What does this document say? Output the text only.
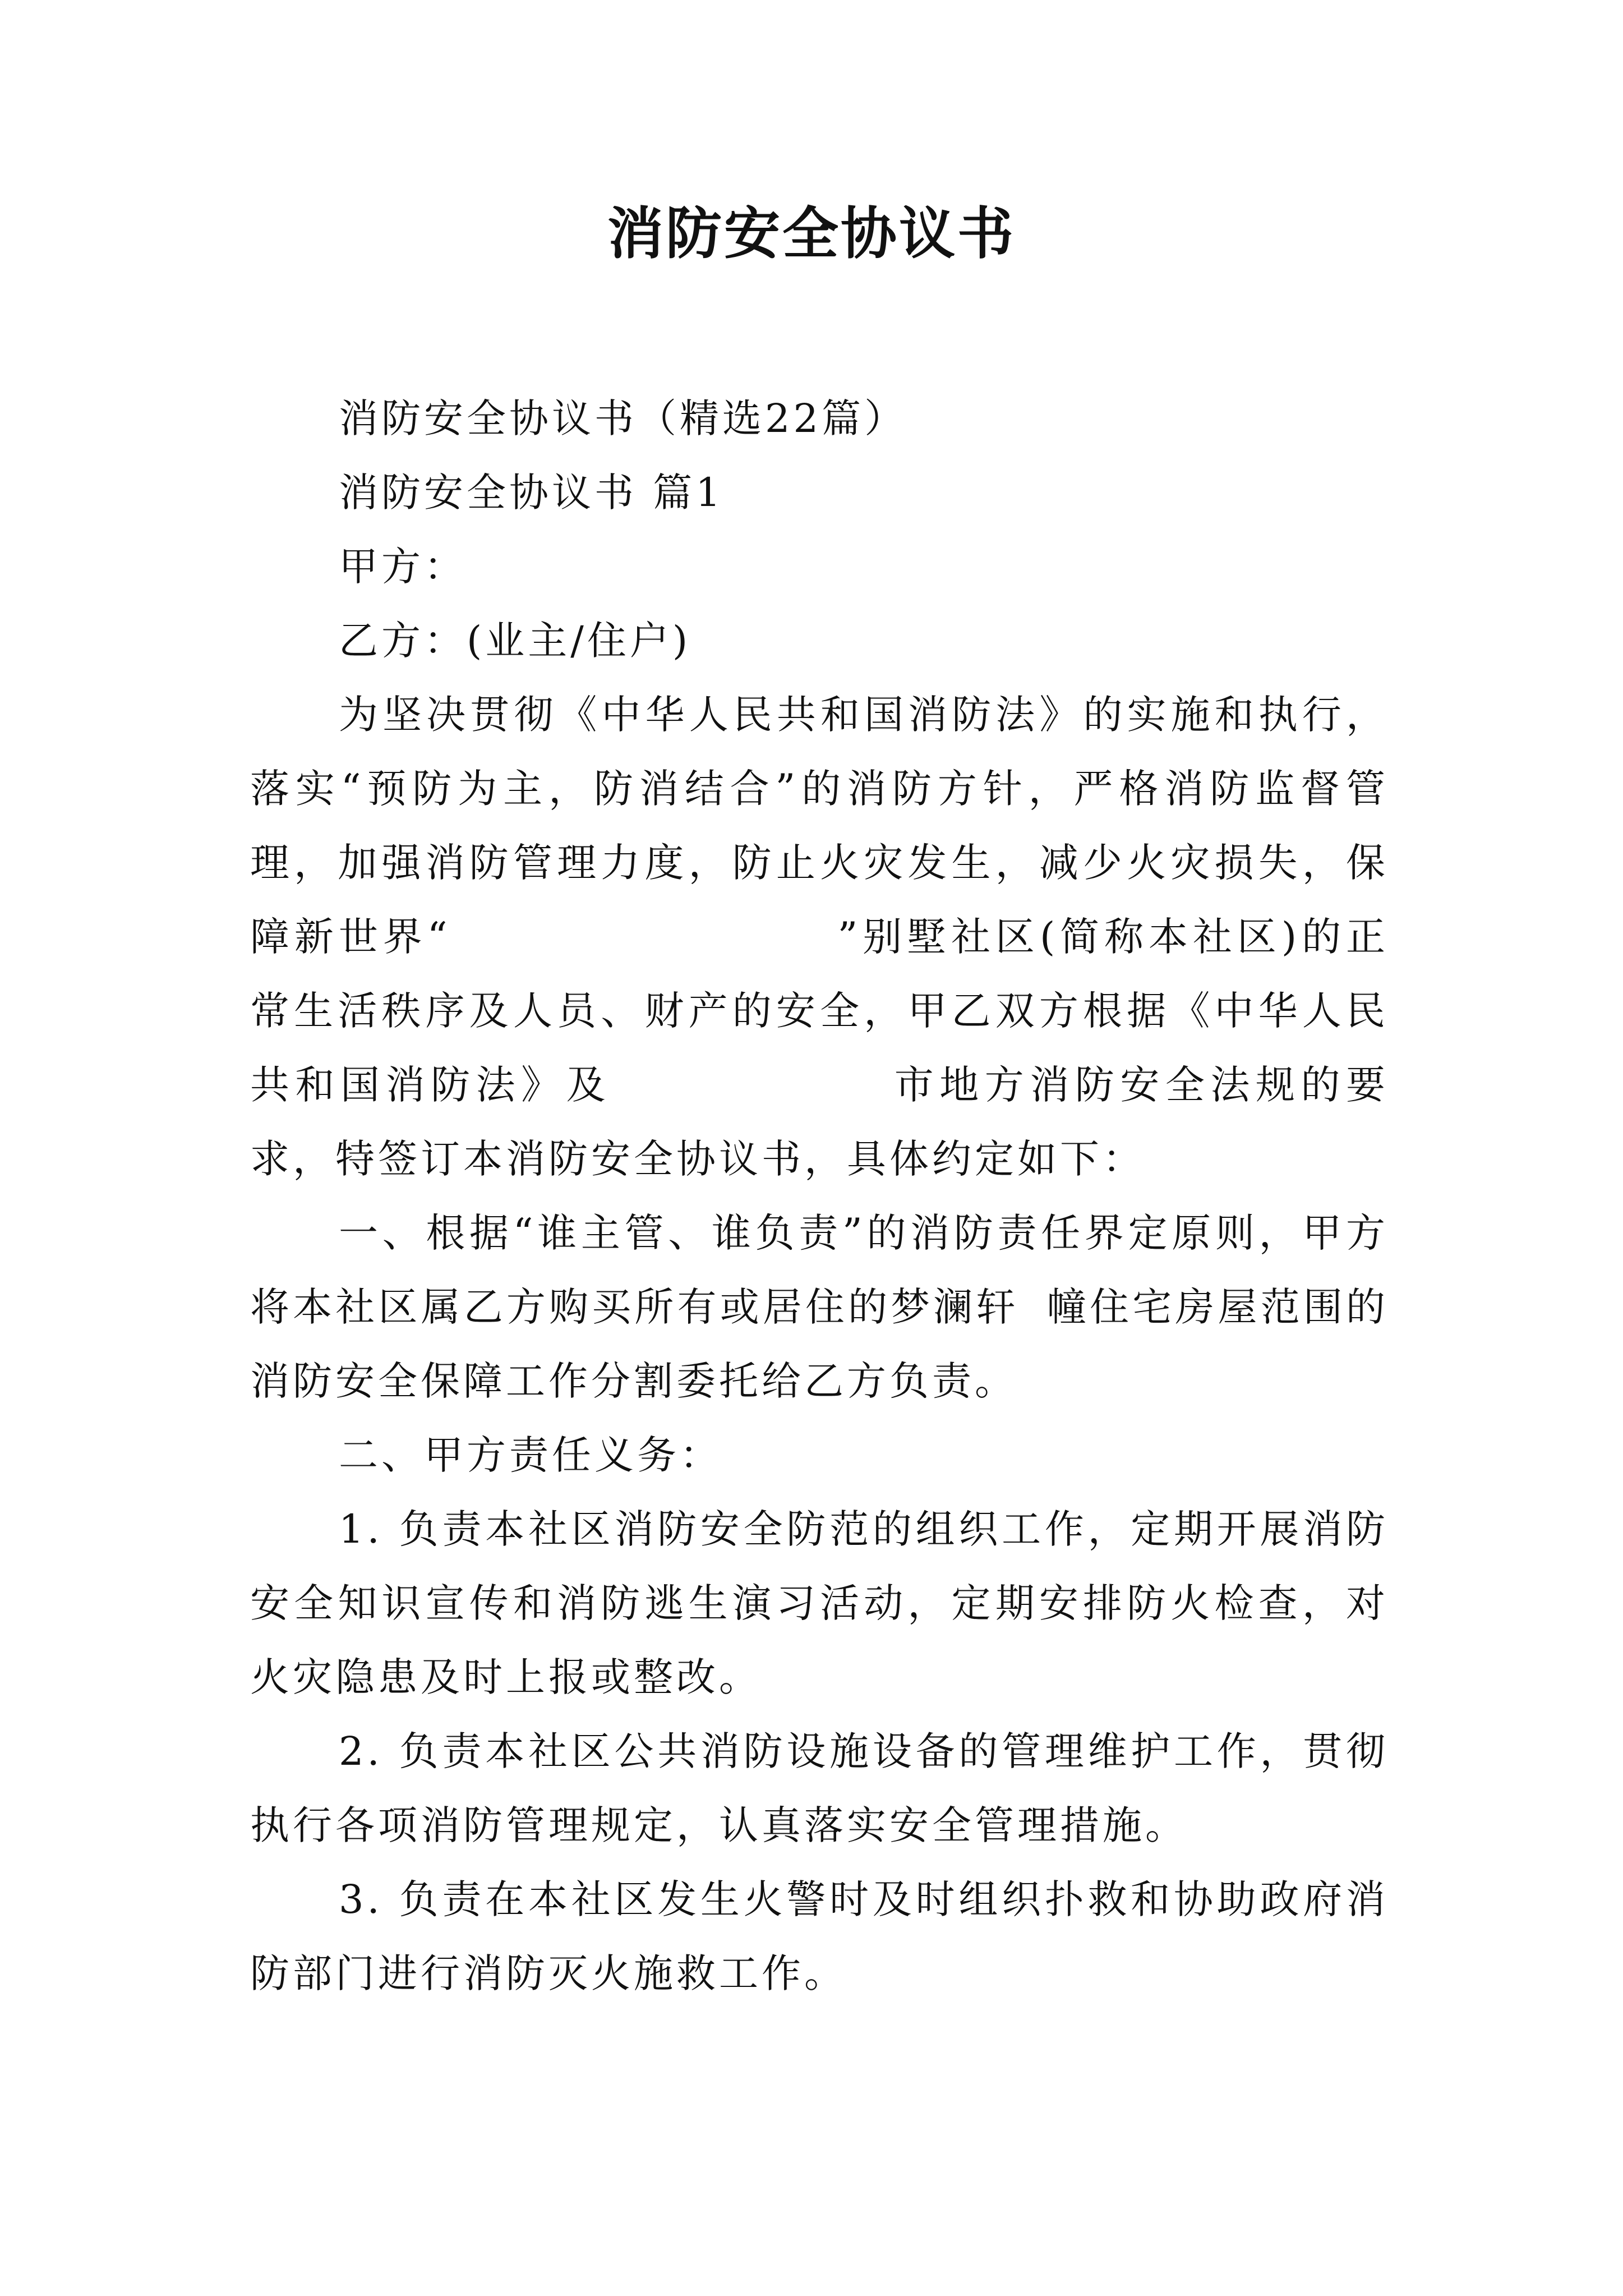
消防安全协议书

消防安全协议书（精选22篇）

消防安全协议书 篇1

甲方：

乙方：(业主/住户)

为坚决贯彻《中华人民共和国消防法》的实施和执行，落实“预防为主，防消结合”的消防方针，严格消防监督管理，加强消防管理力度，防止火灾发生，减少火灾损失，保障新世界“	”别墅社区(简称本社区)的正常生活秩序及人员、财产的安全，甲乙双方根据《中华人民共和国消防法》及	市地方消防安全法规的要求，特签订本消防安全协议书，具体约定如下：

一、根据“谁主管、谁负责”的消防责任界定原则，甲方将本社区属乙方购买所有或居住的梦澜轩 幢住宅房屋范围的消防安全保障工作分割委托给乙方负责。

二、甲方责任义务：

1. 负责本社区消防安全防范的组织工作，定期开展消防安全知识宣传和消防逃生演习活动，定期安排防火检查，对火灾隐患及时上报或整改。

2. 负责本社区公共消防设施设备的管理维护工作，贯彻执行各项消防管理规定，认真落实安全管理措施。

3. 负责在本社区发生火警时及时组织扑救和协助政府消防部门进行消防灭火施救工作。
